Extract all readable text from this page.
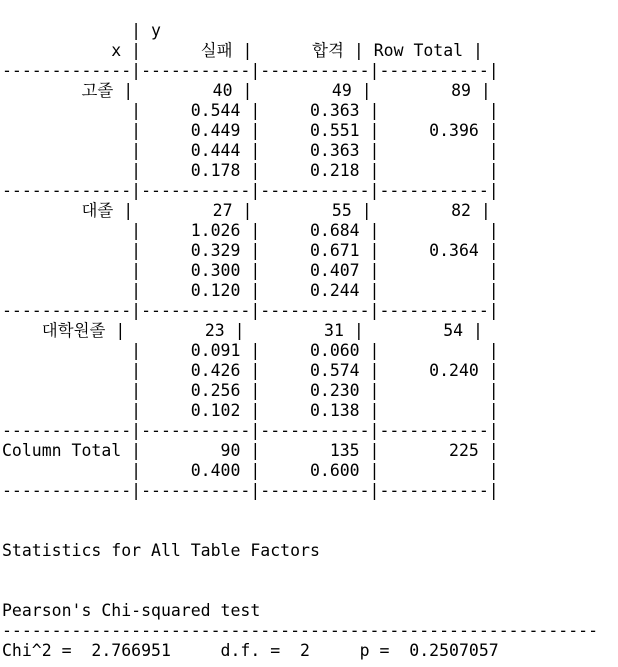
| y
x |      실패 |      합격 | Row Total |
-------------|-----------|-----------|-----------|
고졸 |        40 |        49 |        89 |
|     0.544 |     0.363 |           |
|     0.449 |     0.551 |     0.396 |
|     0.444 |     0.363 |           |
|     0.178 |     0.218 |           |
-------------|-----------|-----------|-----------|
대졸 |        27 |        55 |        82 |
|     1.026 |     0.684 |           |
|     0.329 |     0.671 |     0.364 |
|     0.300 |     0.407 |           |
|     0.120 |     0.244 |           |
-------------|-----------|-----------|-----------|
대학원졸 |        23 |        31 |        54 |
|     0.091 |     0.060 |           |
|     0.426 |     0.574 |     0.240 |
|     0.256 |     0.230 |           |
|     0.102 |     0.138 |           |
-------------|-----------|-----------|-----------|
Column Total |        90 |       135 |       225 |
|     0.400 |     0.600 |           |
-------------|-----------|-----------|-----------|
Statistics for All Table Factors
Pearson's Chi-squared test
------------------------------------------------------------
Chi^2 =  2.766951     d.f. =  2     p =  0.2507057
